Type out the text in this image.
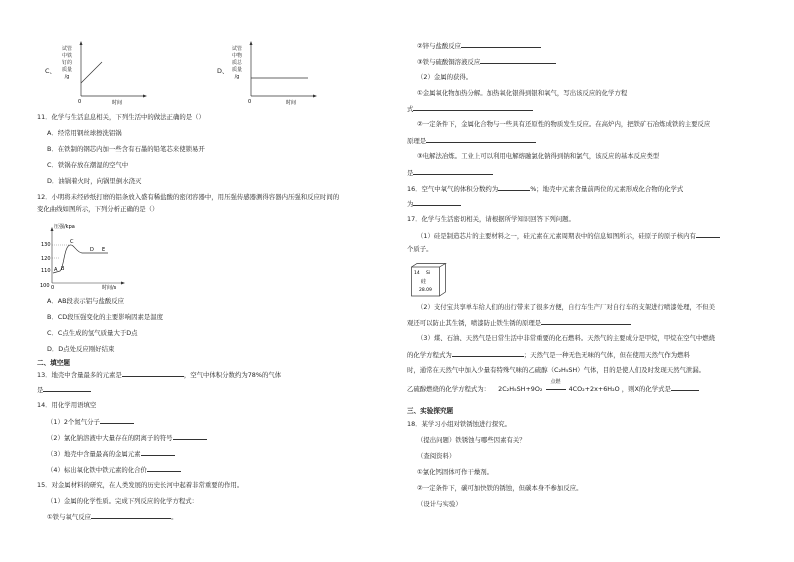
C、
试管
中铁
钉的
质量
/g
0	时间
D、
试管
中物
质总
质量
/g
0	时间
11．化学与生活息息相关，下列生活中的做法正确的是（）
A．经常用钢丝球擦洗铝锅
B．在铁制的钢芯内加一些含有石墨的铅笔芯来使锁易开
C．铁锅存放在潮湿的空气中
D．油锅着火时，向锅里倒水浇灭
12．小明将未经砂纸打磨的铝条放入盛有稀盐酸的密闭容器中，用压强传感器测得容器内压强和反应时间的
变化曲线如图所示，下列分析正确的是（）
压强/kpa
130
120
110
100 0
A B
C
D E
时间/s
A．AB段表示铝与盐酸反应
B．CD段压强变化的主要影响因素是温度
C．C点生成的氢气质量大于D点
D．D点处反应刚好结束
二、填空题
13．地壳中含量最多的元素是	，空气中体积分数约为78%的气体
是
14．用化学用语填空
（1）2个氮气分子
（2）氯化钠溶液中大量存在的阴离子的符号
（3）地壳中含量最高的金属元素
（4）标出氧化铁中铁元素的化合价
15．对金属材料的研究，在人类发展的历史长河中起着非常重要的作用。
（1）金属的化学性质。完成下列反应的化学方程式：
①铁与氧气反应	。
②锌与盐酸反应
③铁与硫酸铜溶液反应
（2）金属的获得。
①金属氧化物加热分解。加热氧化银得到银和氧气，写出该反应的化学方程
式
②一定条件下，金属化合物与一些具有还原性的物质发生反应。在高炉内，把铁矿石冶炼成铁的主要反应
原理是
③电解法冶炼。工业上可以利用电解熔融氯化钠得到钠和氯气，该反应的基本反应类型
是
16．空气中氧气的体积分数约为	%；地壳中元素含量前两位的元素形成化合物的化学式
为
17．化学与生活密切相关，请根据所学知识回答下列问题。
（1）硅是制造芯片的主要材料之一，硅元素在元素周期表中的信息如图所示，硅原子的原子核内有
个质子。
14 Si
硅
28.09
（2）支付宝共享单车给人们的出行带来了很多方便，自行车生产厂对自行车的支架进行喷漆处理，不但美
观还可以防止其生锈，喷漆防止铁生锈的原理是
（3）煤、石油、天然气是日常生活中非常重要的化石燃料。天然气的主要成分是甲烷，甲烷在空气中燃烧
的化学方程式为	；天然气是一种无色无味的气体，但在使用天然气作为燃料
时，通常在天然气中加入少量有特殊气味的乙硫醇（C₂H₅SH）气体，目的是使人们及时发现天然气泄漏。
乙硫醇燃烧的化学方程式为： 2C₂H₅SH+9O₂
点燃
4CO₂+2x+6H₂O ，则X的化学式是
三、实验探究题
18．某学习小组对铁锈蚀进行探究。
（提出问题）铁锈蚀与哪些因素有关？
（查阅资料）
①氯化钙固体可作干燥剂。
②一定条件下，碳可加快铁的锈蚀，但碳本身不参加反应。
（设计与实验）
